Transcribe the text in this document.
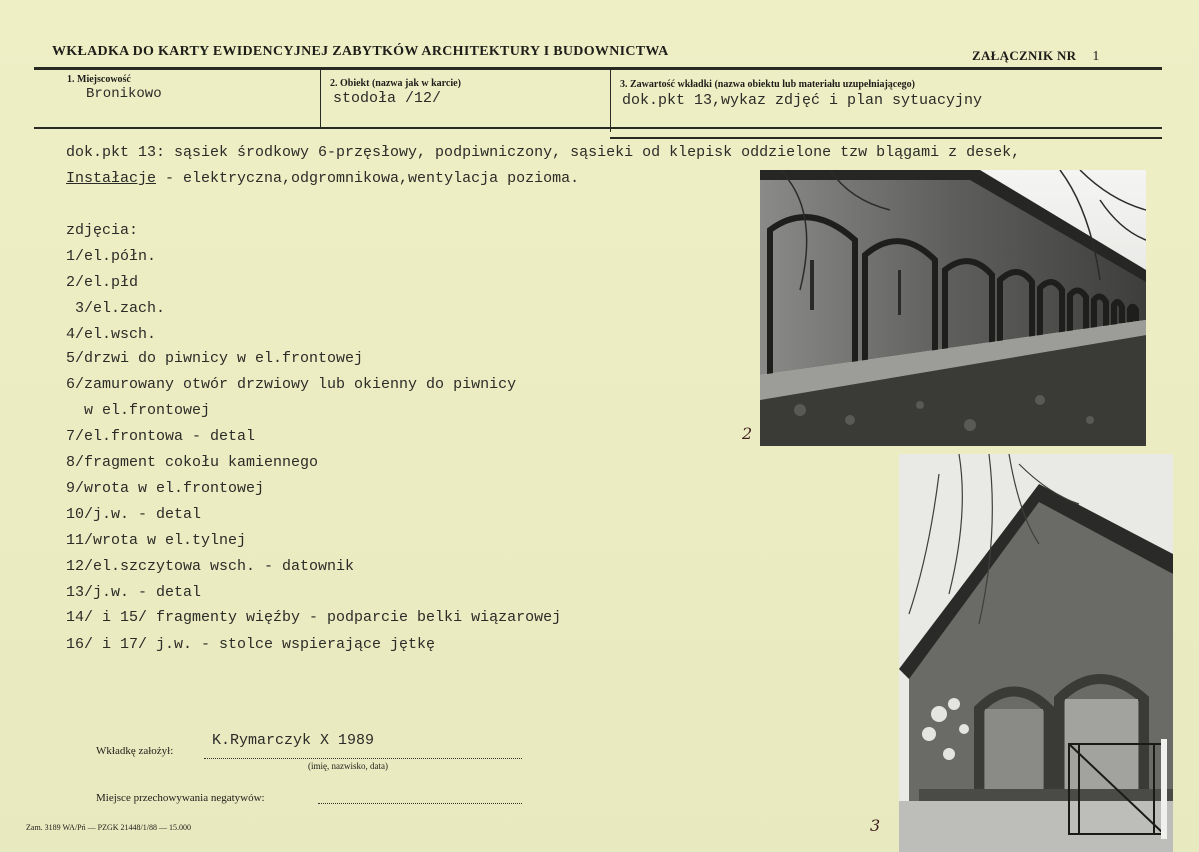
WKŁADKA DO KARTY EWIDENCYJNEJ ZABYTKÓW ARCHITEKTURY I BUDOWNICTWA	ZAŁĄCZNIK NR 1
1. Miejscowość
Bronikowo
2. Obiekt (nazwa jak w karcie)
stodoła /12/
3. Zawartość wkładki (nazwa obiektu lub materiału uzupełniającego)
dok.pkt 13,wykaz zdjęć i plan sytuacyjny
dok.pkt 13: sąsiek środkowy 6-przęsłowy, podpiwniczony, sąsieki od klepisk oddzielone tzw blągami z desek,
Instałacje - elektryczna,odgromnikowa,wentylacja pozioma.
zdjęcia:
1/el.półn.
2/el.płd
3/el.zach.
4/el.wsch.
5/drzwi do piwnicy w el.frontowej
6/zamurowany otwór drzwiowy lub okienny do piwnicy
w el.frontowej
7/el.frontowa - detal
8/fragment cokołu kamiennego
9/wrota w el.frontowej
10/j.w. - detal
11/wrota w el.tylnej
12/el.szczytowa wsch. - datownik
13/j.w. - detal
14/ i 15/ fragmenty więźby - podparcie belki wiązarowej
16/ i 17/ j.w. - stolce wspierające jętkę
2
3
Wkładkę założył:
K.Rymarczyk X 1989
(imię, nazwisko, data)
Miejsce przechowywania negatywów:
Zam. 3189 WA/Pń — PZGK 21448/1/88 — 15.000
